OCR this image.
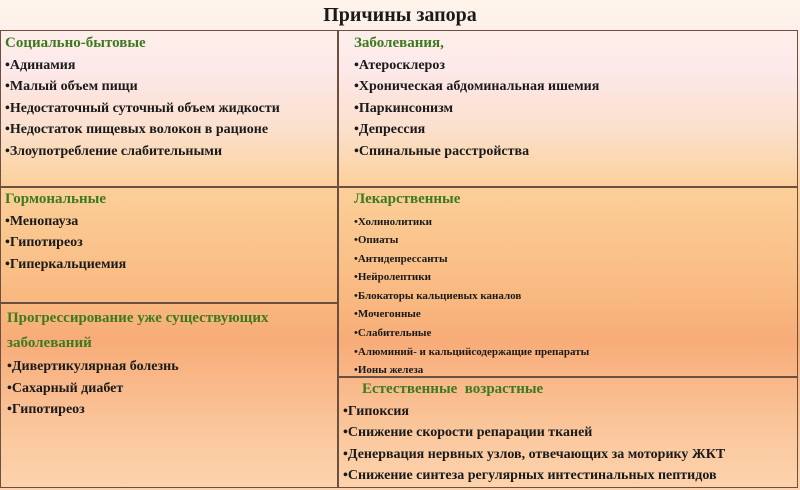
Причины запора
Социально-бытовые
• Адинамия
• Малый объем пищи
• Недостаточный суточный объем жидкости
• Недостаток пищевых волокон в рационе
• Злоупотребление слабительными
Заболевания,
• Атеросклероз
• Хроническая абдоминальная ишемия
• Паркинсонизм
• Депрессия
• Спинальные расстройства
Гормональные
• Менопауза
• Гипотиреоз
• Гиперкальциемия
Лекарственные
• Холинолитики
• Опиаты
• Антидепрессанты
• Нейролептики
• Блокаторы кальциевых каналов
• Мочегонные
• Слабительные
• Алюминий- и кальцийсодержащие препараты
• Ионы железа
Прогрессирование уже существующих
заболеваний
• Дивертикулярная болезнь
• Сахарный диабет
• Гипотиреоз
Естественные  возрастные
• Гипоксия
• Снижение скорости репарации тканей
• Денервация нервных узлов, отвечающих за моторику ЖКТ
• Снижение синтеза регулярных интестинальных пептидов
